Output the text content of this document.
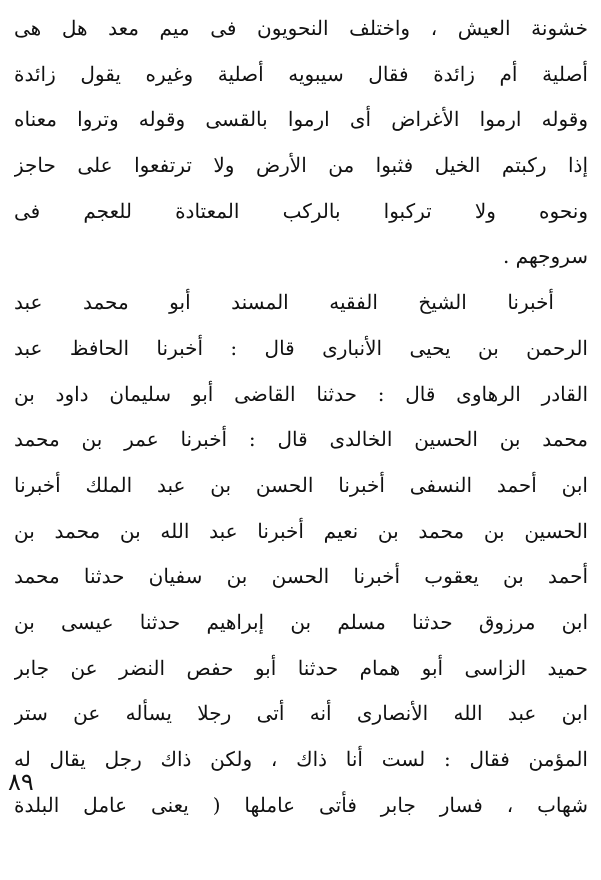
خشونة العيش ، واختلف النحويون فى ميم معد هل هى
أصلية أم زائدة فقال سيبويه أصلية وغيره يقول زائدة
وقوله ارموا الأغراض أى ارموا بالقسى وقوله وتروا معناه
إذا ركبتم الخيل فثبوا من الأرض ولا ترتفعوا على حاجز
ونحوه ولا تركبوا بالركب المعتادة للعجم فى
سروجهم .
أخبرنا الشيخ الفقيه المسند أبو محمد عبد
الرحمن بن يحيى الأنبارى قال : أخبرنا الحافظ عبد
القادر الرهاوى قال : حدثنا القاضى أبو سليمان داود بن
محمد بن الحسين الخالدى قال : أخبرنا عمر بن محمد
ابن أحمد النسفى أخبرنا الحسن بن عبد الملك أخبرنا
الحسين بن محمد بن نعيم أخبرنا عبد الله بن محمد بن
أحمد بن يعقوب أخبرنا الحسن بن سفيان حدثنا محمد
ابن مرزوق حدثنا مسلم بن إبراهيم حدثنا عيسى بن
حميد الزاسى أبو همام حدثنا أبو حفص النضر عن جابر
ابن عبد الله الأنصارى أنه أتى رجلا يسأله عن ستر
المؤمن فقال : لست أنا ذاك ، ولكن ذاك رجل يقال له
شهاب ، فسار جابر فأتى عاملها ( يعنى عامل البلدة
٨٩
